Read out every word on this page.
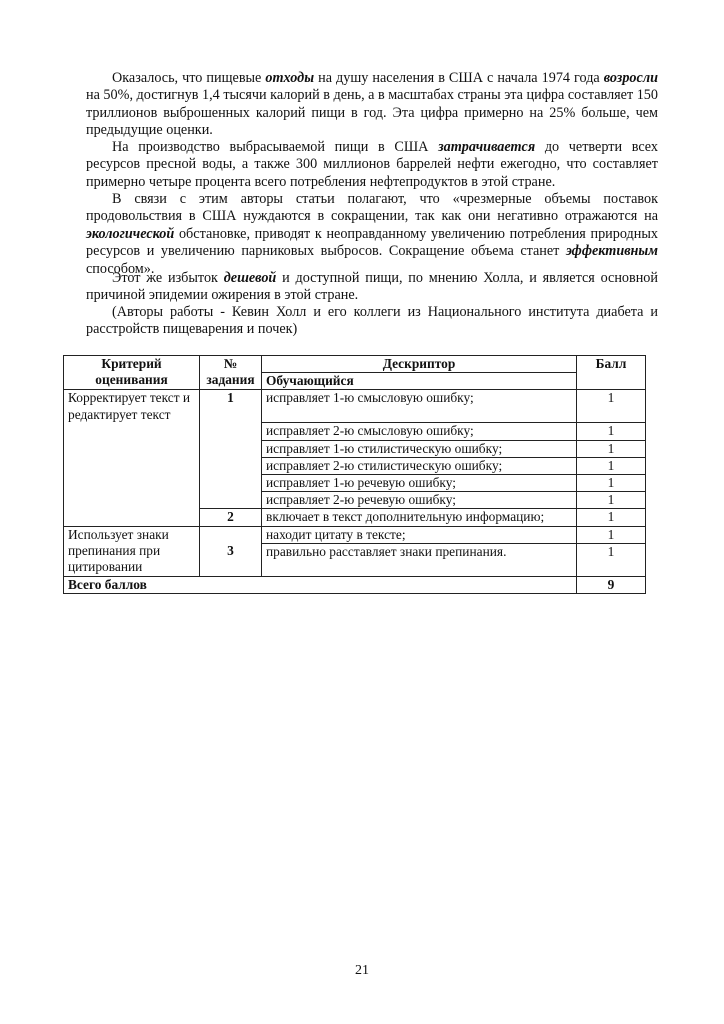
Оказалось, что пищевые отходы на душу населения в США с начала 1974 года возросли на 50%, достигнув 1,4 тысячи калорий в день, а в масштабах страны эта цифра составляет 150 триллионов выброшенных калорий пищи в год. Эта цифра примерно на 25% больше, чем предыдущие оценки.

На производство выбрасываемой пищи в США затрачивается до четверти всех ресурсов пресной воды, а также 300 миллионов баррелей нефти ежегодно, что составляет примерно четыре процента всего потребления нефтепродуктов в этой стране.

В связи с этим авторы статьи полагают, что «чрезмерные объемы поставок продовольствия в США нуждаются в сокращении, так как они негативно отражаются на экологической обстановке, приводят к неоправданному увеличению потребления природных ресурсов и увеличению парниковых выбросов. Сокращение объема станет эффективным способом».

Этот же избыток дешевой и доступной пищи, по мнению Холла, и является основной причиной эпидемии ожирения в этой стране.

(Авторы работы - Кевин Холл и его коллеги из Национального института диабета и расстройств пищеварения и почек)

Критерий оценивания	№ задания	Дескриптор	Балл
		Обучающийся	
Корректирует текст и редактирует текст	1	исправляет 1-ю смысловую ошибку;	1
		исправляет 2-ю смысловую ошибку;	1
		исправляет 1-ю стилистическую ошибку;	1
		исправляет 2-ю стилистическую ошибку;	1
		исправляет 1-ю речевую ошибку;	1
		исправляет 2-ю речевую ошибку;	1
	2	включает в текст дополнительную информацию;	1
Использует знаки препинания при цитировании	3	находит цитату в тексте;	1
		правильно расставляет знаки препинания.	1
Всего баллов			9
21
